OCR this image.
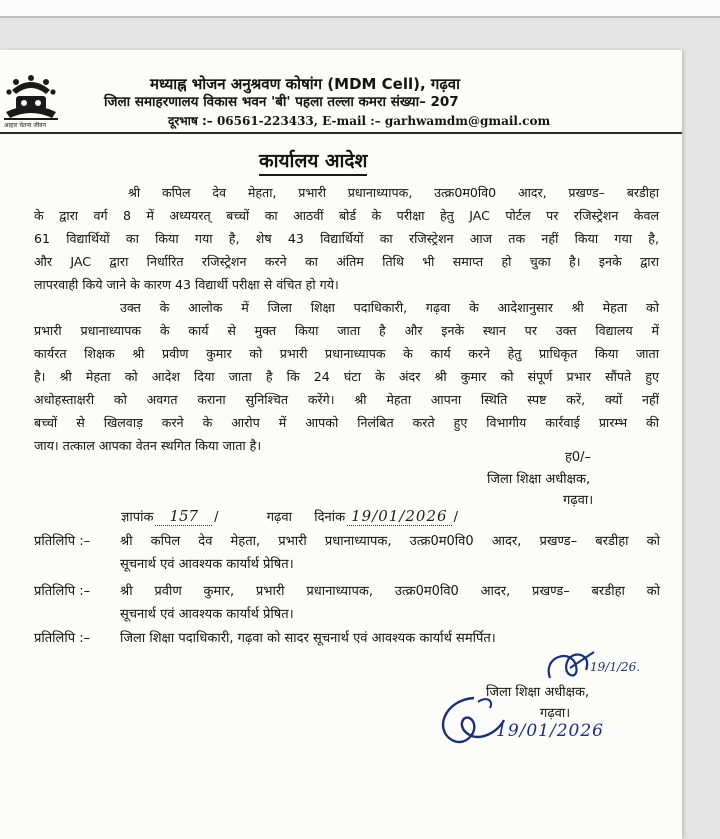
आहार चेतना जीवन
मध्याह्न भोजन अनुश्रवण कोषांग (MDM Cell), गढ़वा
जिला समाहरणालय विकास भवन 'बी' पहला तल्ला कमरा संख्या– 207
दूरभाष :– 06561-223433, E-mail :– garhwamdm@gmail.com
कार्यालय आदेश
श्री कपिल देव मेहता, प्रभारी प्रधानाध्यापक, उत्क्र0म0वि0 आदर, प्रखण्ड– बरडीहा
के द्वारा वर्ग 8 में अध्ययरत् बच्चों का आठवीं बोर्ड के परीक्षा हेतु JAC पोर्टल पर रजिस्ट्रेशन केवल
61 विद्यार्थियों का किया गया है, शेष 43 विद्यार्थियों का रजिस्ट्रेशन आज तक नहीं किया गया है,
और JAC द्वारा निर्धारित रजिस्ट्रेशन करने का अंतिम तिथि भी समाप्त हो चुका है। इनके द्वारा
लापरवाही किये जाने के कारण 43 विद्यार्थी परीक्षा से वंचित हो गये।
उक्त के आलोक में जिला शिक्षा पदाधिकारी, गढ़वा के आदेशानुसार श्री मेहता को
प्रभारी प्रधानाध्यापक के कार्य से मुक्त किया जाता है और इनके स्थान पर उक्त विद्यालय में
कार्यरत शिक्षक श्री प्रवीण कुमार को प्रभारी प्रधानाध्यापक के कार्य करने हेतु प्राधिकृत किया जाता
है। श्री मेहता को आदेश दिया जाता है कि 24 घंटा के अंदर श्री कुमार को संपूर्ण प्रभार सौंपते हुए
अधोहस्ताक्षरी को अवगत कराना सुनिश्चित करेंगे। श्री मेहता आपना स्थिति स्पष्ट करें, क्यों नहीं
बच्चों से खिलवाड़ करने के आरोप में आपको निलंबित करते हुए विभागीय कार्रवाई प्रारम्भ की
जाय। तत्काल आपका वेतन स्थगित किया जाता है।
ह0/–
जिला शिक्षा अधीक्षक,
गढ़वा।
ज्ञापांक 157 /	गढ़वा दिनांक 19/01/2026 /
प्रतिलिपि :– श्री कपिल देव मेहता, प्रभारी प्रधानाध्यापक, उत्क्र0म0वि0 आदर, प्रखण्ड– बरडीहा को
सूचनार्थ एवं आवश्यक कार्यार्थ प्रेषित।
प्रतिलिपि :– श्री प्रवीण कुमार, प्रभारी प्रधानाध्यापक, उत्क्र0म0वि0 आदर, प्रखण्ड– बरडीहा को
सूचनार्थ एवं आवश्यक कार्यार्थ प्रेषित।
प्रतिलिपि :– जिला शिक्षा पदाधिकारी, गढ़वा को सादर सूचनार्थ एवं आवश्यक कार्यार्थ समर्पित।
19/1/26.
जिला शिक्षा अधीक्षक,
गढ़वा।
19/01/2026
